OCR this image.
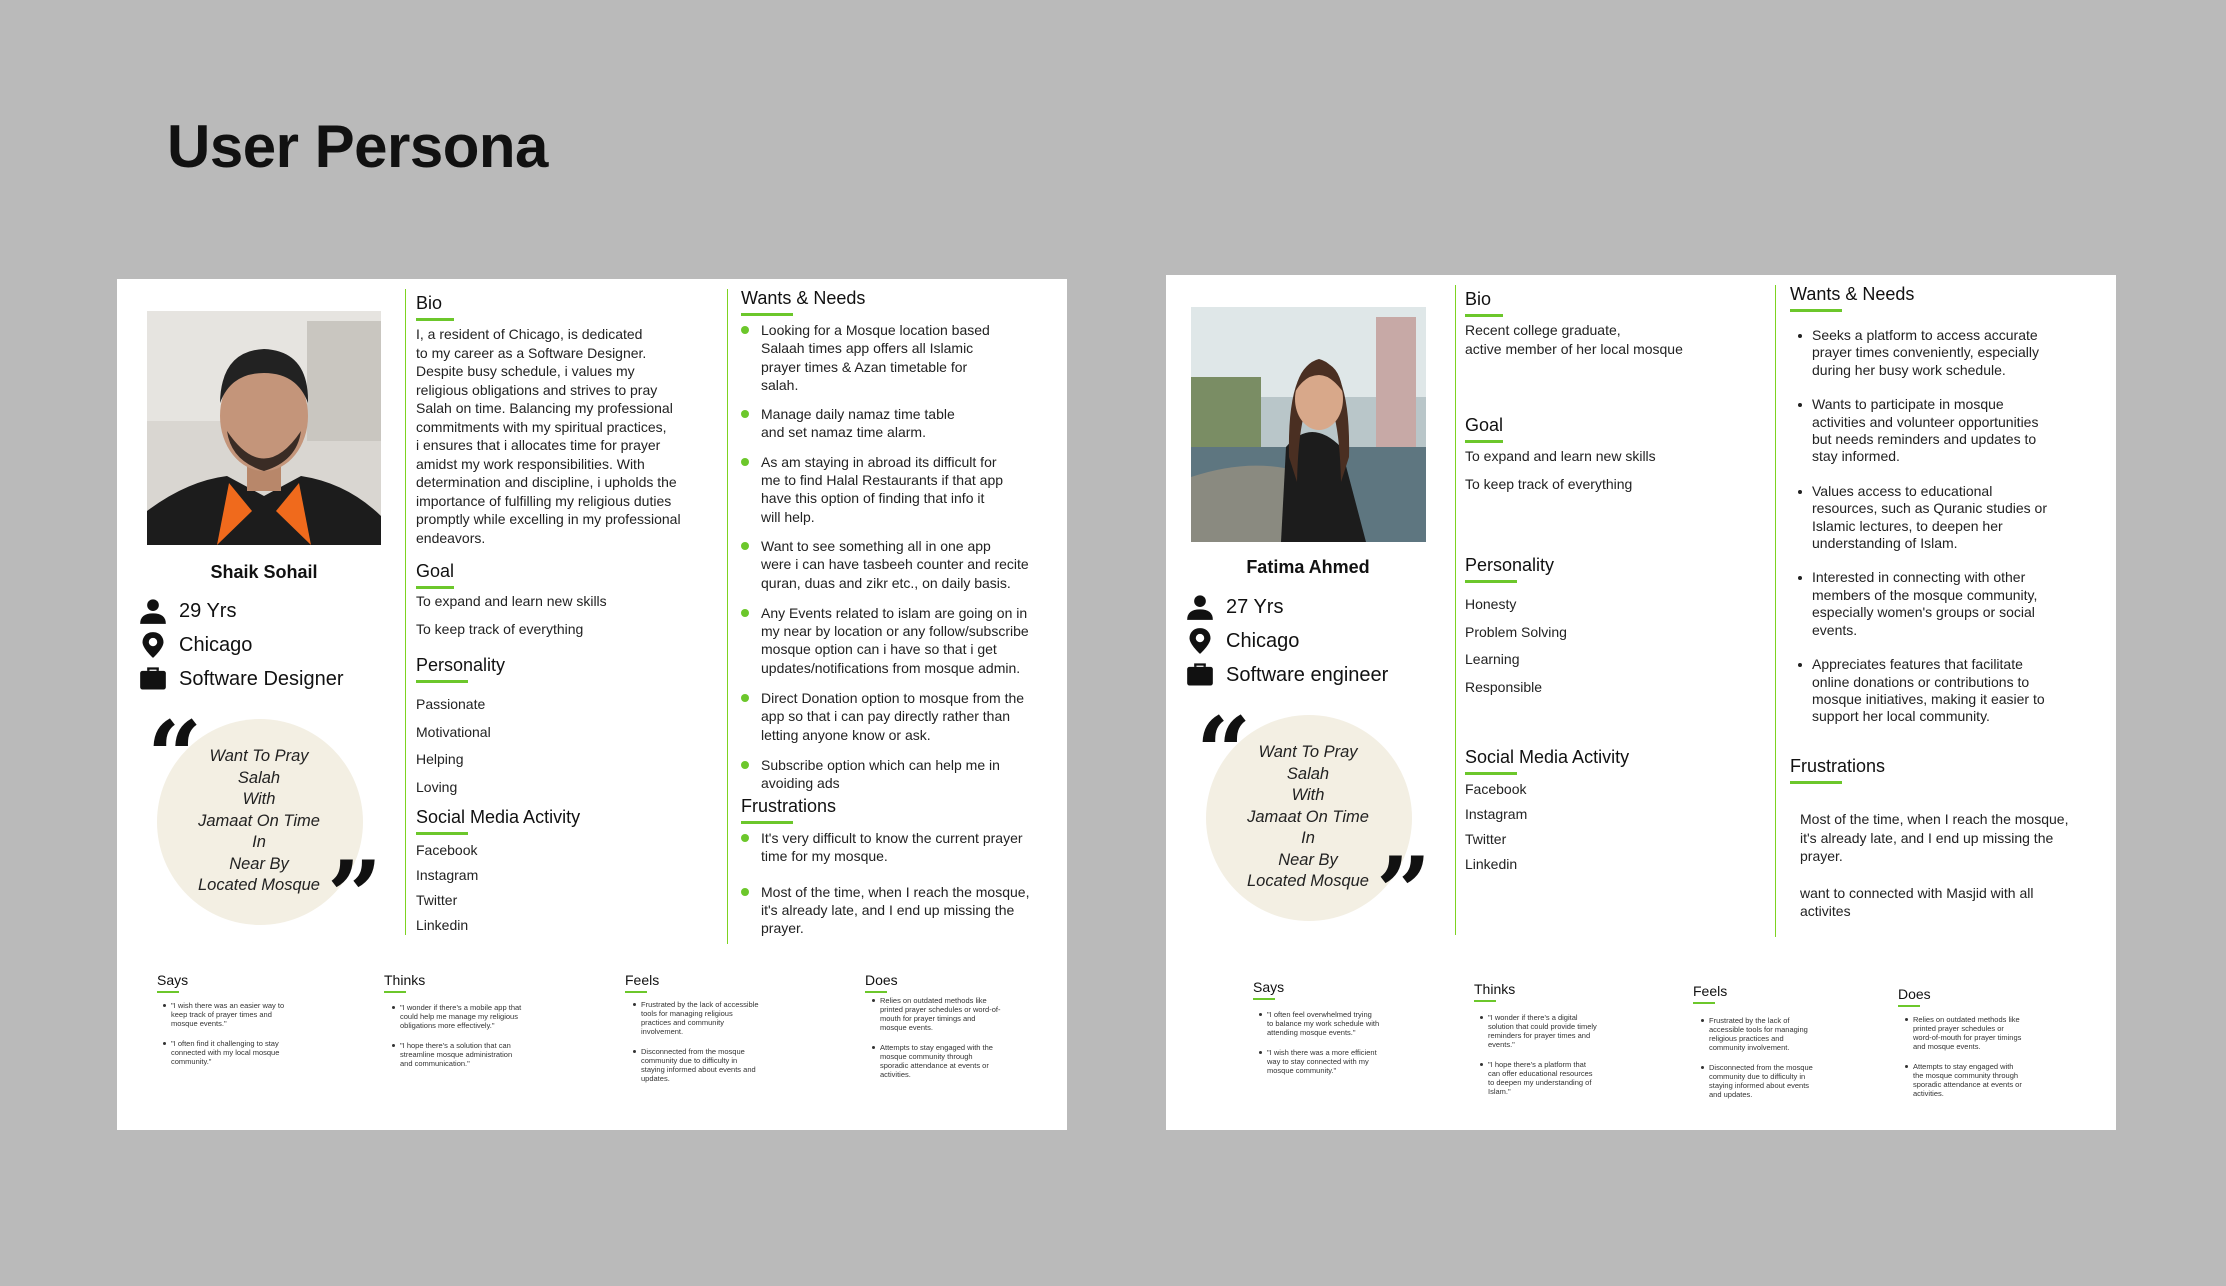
User Persona
Shaik Sohail
29 Yrs
Chicago
Software Designer
“ Want To Pray
Salah
With
Jamaat On Time
In
Near By
Located Mosque ”
Bio
I, a resident of Chicago, is dedicated
to my career as a Software Designer.
Despite busy schedule, i values my
religious obligations and strives to pray
Salah on time. Balancing my professional
commitments with my spiritual practices,
i ensures that i allocates time for prayer
amidst my work responsibilities. With
determination and discipline, i upholds the
importance of fulfilling my religious duties
promptly while excelling in my professional
endeavors.
Goal
To expand and learn new skills
To keep track of everything
Personality
Passionate
Motivational
Helping
Loving
Social Media Activity
Facebook
Instagram
Twitter
Linkedin
Wants & Needs
Looking for a Mosque location based
Salaah times app offers all Islamic
prayer times & Azan timetable for
salah.
Manage daily namaz time table
and set namaz time alarm.
As am staying in abroad its difficult for
me to find Halal Restaurants if that app
have this option of finding that info it
will help.
Want to see something all in one app
were i can have tasbeeh counter and recite
quran, duas and zikr etc., on daily basis.
Any Events related to islam are going on in
my near by location or any follow/subscribe
mosque option can i have so that i get
updates/notifications from mosque admin.
Direct Donation option to mosque from the
app so that i can pay directly rather than
letting anyone know or ask.
Subscribe option which can help me in
avoiding ads
Frustrations
It's very difficult to know the current prayer
time for my mosque.
Most of the time, when I reach the mosque,
it's already late, and I end up missing the
prayer.
Says
"I wish there was an easier way to
keep track of prayer times and
mosque events."
"I often find it challenging to stay
connected with my local mosque
community."
Thinks
"I wonder if there's a mobile app that
could help me manage my religious
obligations more effectively."
"I hope there's a solution that can
streamline mosque administration
and communication."
Feels
Frustrated by the lack of accessible
tools for managing religious
practices and community
involvement.
Disconnected from the mosque
community due to difficulty in
staying informed about events and
updates.
Does
Relies on outdated methods like
printed prayer schedules or word-of-
mouth for prayer timings and
mosque events.
Attempts to stay engaged with the
mosque community through
sporadic attendance at events or
activities.
Fatima Ahmed
27 Yrs
Chicago
Software engineer
“ Want To Pray
Salah
With
Jamaat On Time
In
Near By
Located Mosque ”
Bio
Recent college graduate,
active member of her local mosque
Goal
To expand and learn new skills
To keep track of everything
Personality
Honesty
Problem Solving
Learning
Responsible
Social Media Activity
Facebook
Instagram
Twitter
Linkedin
Wants & Needs
Seeks a platform to access accurate
prayer times conveniently, especially
during her busy work schedule.
Wants to participate in mosque
activities and volunteer opportunities
but needs reminders and updates to
stay informed.
Values access to educational
resources, such as Quranic studies or
Islamic lectures, to deepen her
understanding of Islam.
Interested in connecting with other
members of the mosque community,
especially women's groups or social
events.
Appreciates features that facilitate
online donations or contributions to
mosque initiatives, making it easier to
support her local community.
Frustrations
Most of the time, when I reach the mosque,
it's already late, and I end up missing the
prayer.
want to connected with Masjid with all
activites
Says
"I often feel overwhelmed trying
to balance my work schedule with
attending mosque events."
"I wish there was a more efficient
way to stay connected with my
mosque community."
Thinks
"I wonder if there's a digital
solution that could provide timely
reminders for prayer times and
events."
"I hope there's a platform that
can offer educational resources
to deepen my understanding of
Islam."
Feels
Frustrated by the lack of
accessible tools for managing
religious practices and
community involvement.
Disconnected from the mosque
community due to difficulty in
staying informed about events
and updates.
Does
Relies on outdated methods like
printed prayer schedules or
word-of-mouth for prayer timings
and mosque events.
Attempts to stay engaged with
the mosque community through
sporadic attendance at events or
activities.
